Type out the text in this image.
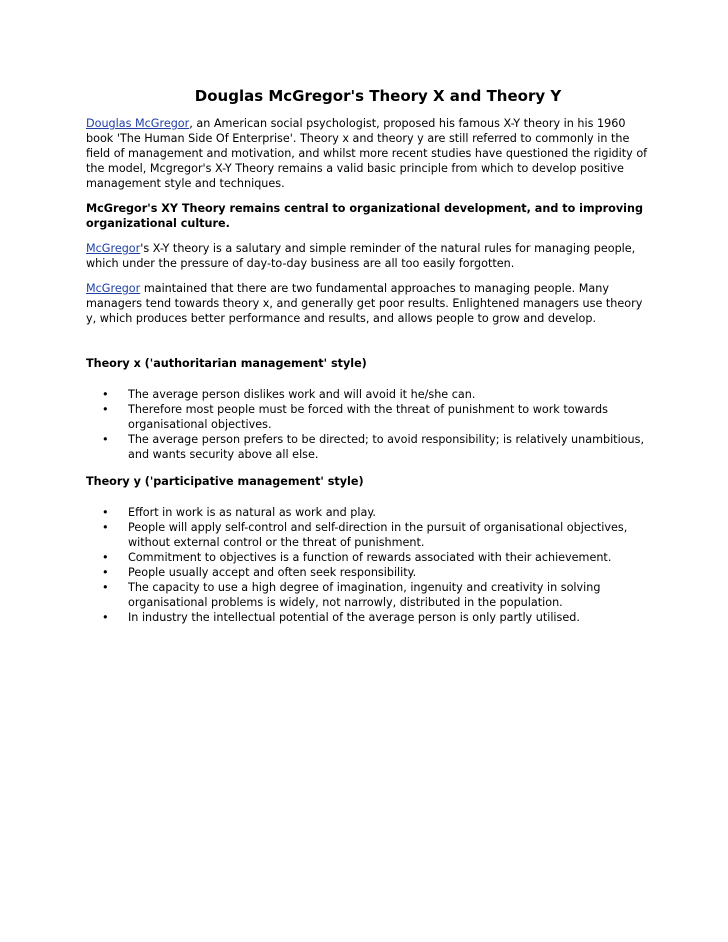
Douglas McGregor's Theory X and Theory Y

Douglas McGregor, an American social psychologist, proposed his famous X-Y theory in his 1960 book 'The Human Side Of Enterprise'. Theory x and theory y are still referred to commonly in the field of management and motivation, and whilst more recent studies have questioned the rigidity of the model, Mcgregor's X-Y Theory remains a valid basic principle from which to develop positive management style and techniques.

McGregor's XY Theory remains central to organizational development, and to improving organizational culture.

McGregor's X-Y theory is a salutary and simple reminder of the natural rules for managing people, which under the pressure of day-to-day business are all too easily forgotten.

McGregor maintained that there are two fundamental approaches to managing people. Many managers tend towards theory x, and generally get poor results. Enlightened managers use theory y, which produces better performance and results, and allows people to grow and develop.

Theory x ('authoritarian management' style)
• The average person dislikes work and will avoid it he/she can.
• Therefore most people must be forced with the threat of punishment to work towards organisational objectives.
• The average person prefers to be directed; to avoid responsibility; is relatively unambitious, and wants security above all else.
Theory y ('participative management' style)
• Effort in work is as natural as work and play.
• People will apply self-control and self-direction in the pursuit of organisational objectives, without external control or the threat of punishment.
• Commitment to objectives is a function of rewards associated with their achievement.
• People usually accept and often seek responsibility.
• The capacity to use a high degree of imagination, ingenuity and creativity in solving organisational problems is widely, not narrowly, distributed in the population.
• In industry the intellectual potential of the average person is only partly utilised.
